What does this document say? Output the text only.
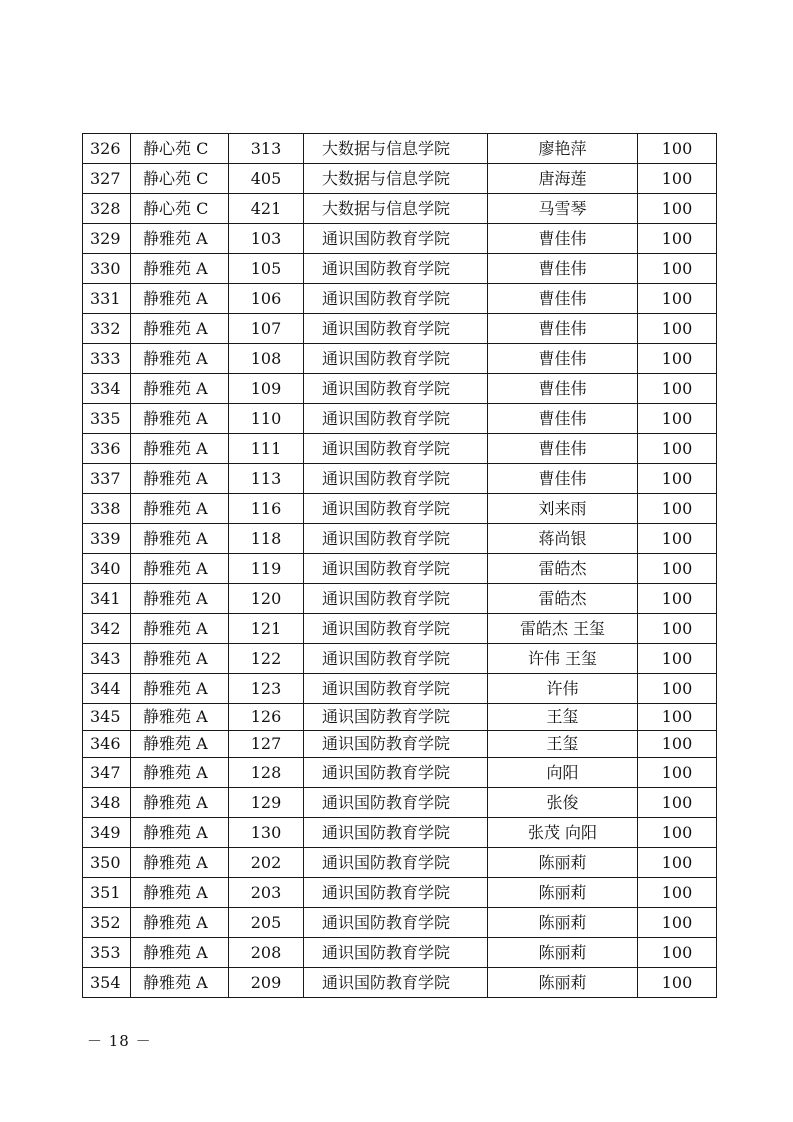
326	静心苑 C	313	大数据与信息学院	廖艳萍	100
327	静心苑 C	405	大数据与信息学院	唐海莲	100
328	静心苑 C	421	大数据与信息学院	马雪琴	100
329	静雅苑 A	103	通识国防教育学院	曹佳伟	100
330	静雅苑 A	105	通识国防教育学院	曹佳伟	100
331	静雅苑 A	106	通识国防教育学院	曹佳伟	100
332	静雅苑 A	107	通识国防教育学院	曹佳伟	100
333	静雅苑 A	108	通识国防教育学院	曹佳伟	100
334	静雅苑 A	109	通识国防教育学院	曹佳伟	100
335	静雅苑 A	110	通识国防教育学院	曹佳伟	100
336	静雅苑 A	111	通识国防教育学院	曹佳伟	100
337	静雅苑 A	113	通识国防教育学院	曹佳伟	100
338	静雅苑 A	116	通识国防教育学院	刘来雨	100
339	静雅苑 A	118	通识国防教育学院	蒋尚银	100
340	静雅苑 A	119	通识国防教育学院	雷皓杰	100
341	静雅苑 A	120	通识国防教育学院	雷皓杰	100
342	静雅苑 A	121	通识国防教育学院	雷皓杰 王玺	100
343	静雅苑 A	122	通识国防教育学院	许伟 王玺	100
344	静雅苑 A	123	通识国防教育学院	许伟	100
345	静雅苑 A	126	通识国防教育学院	王玺	100
346	静雅苑 A	127	通识国防教育学院	王玺	100
347	静雅苑 A	128	通识国防教育学院	向阳	100
348	静雅苑 A	129	通识国防教育学院	张俊	100
349	静雅苑 A	130	通识国防教育学院	张茂 向阳	100
350	静雅苑 A	202	通识国防教育学院	陈丽莉	100
351	静雅苑 A	203	通识国防教育学院	陈丽莉	100
352	静雅苑 A	205	通识国防教育学院	陈丽莉	100
353	静雅苑 A	208	通识国防教育学院	陈丽莉	100
354	静雅苑 A	209	通识国防教育学院	陈丽莉	100
－ 18 －
